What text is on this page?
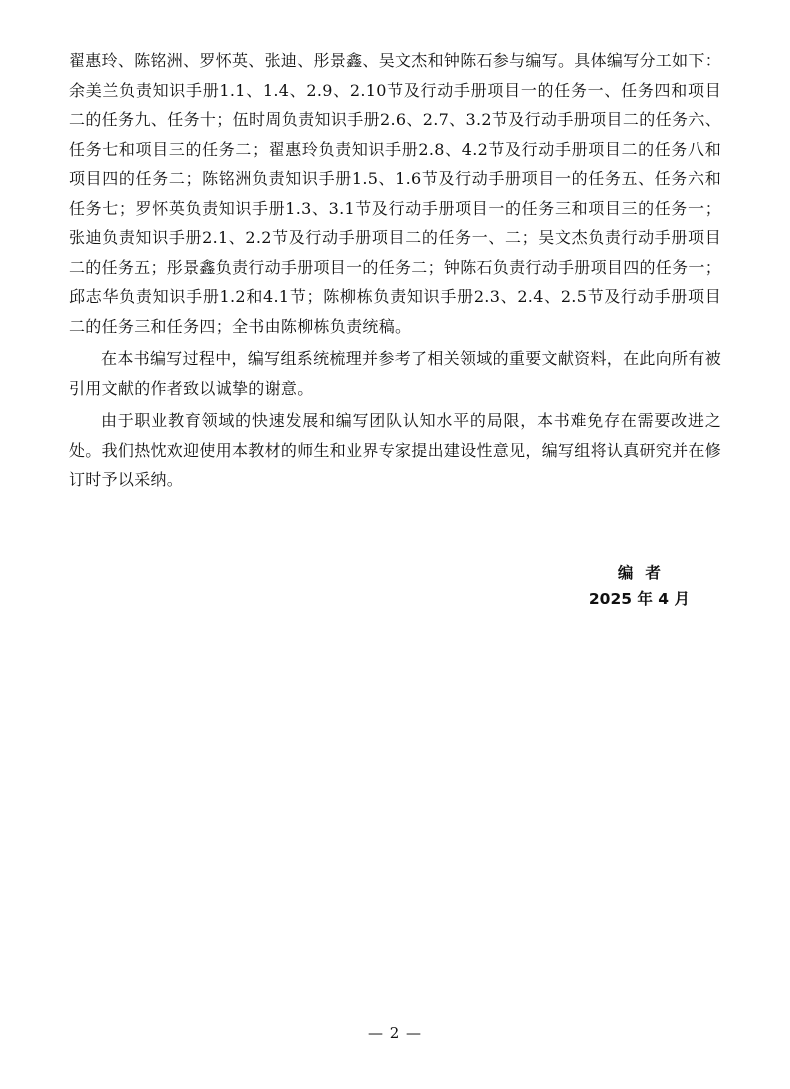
翟惠玲、陈铭洲、罗怀英、张迪、彤景鑫、吴文杰和钟陈石参与编写。具体编写分工如下：余美兰负责知识手册1.1、1.4、2.9、2.10节及行动手册项目一的任务一、任务四和项目二的任务九、任务十；伍时周负责知识手册2.6、2.7、3.2节及行动手册项目二的任务六、任务七和项目三的任务二；翟惠玲负责知识手册2.8、4.2节及行动手册项目二的任务八和项目四的任务二；陈铭洲负责知识手册1.5、1.6节及行动手册项目一的任务五、任务六和任务七；罗怀英负责知识手册1.3、3.1节及行动手册项目一的任务三和项目三的任务一；张迪负责知识手册2.1、2.2节及行动手册项目二的任务一、二；吴文杰负责行动手册项目二的任务五；彤景鑫负责行动手册项目一的任务二；钟陈石负责行动手册项目四的任务一；邱志华负责知识手册1.2和4.1节；陈柳栋负责知识手册2.3、2.4、2.5节及行动手册项目二的任务三和任务四；全书由陈柳栋负责统稿。

在本书编写过程中，编写组系统梳理并参考了相关领域的重要文献资料，在此向所有被引用文献的作者致以诚挚的谢意。

由于职业教育领域的快速发展和编写团队认知水平的局限，本书难免存在需要改进之处。我们热忱欢迎使用本教材的师生和业界专家提出建设性意见，编写组将认真研究并在修订时予以采纳。

编者
2025 年 4 月
— 2 —
